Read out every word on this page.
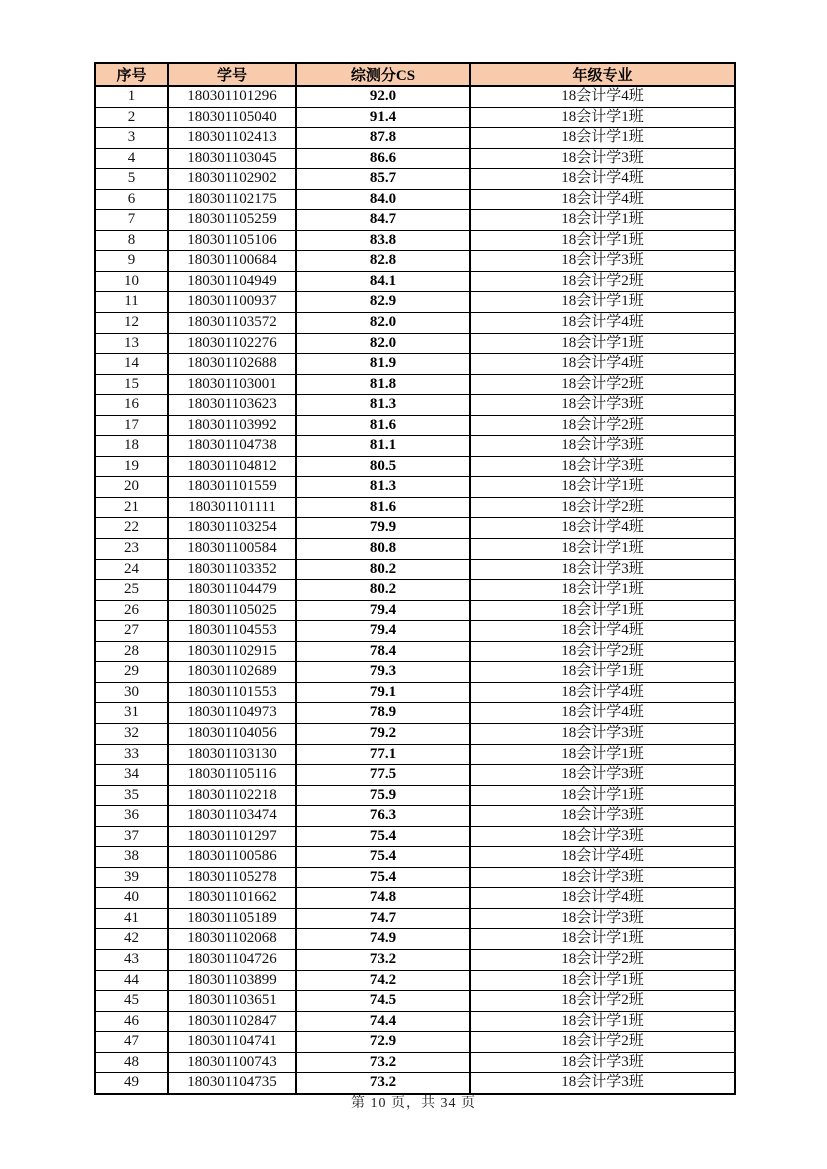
序号	学号	综测分CS	年级专业
1	180301101296	92.0	18会计学4班
2	180301105040	91.4	18会计学1班
3	180301102413	87.8	18会计学1班
4	180301103045	86.6	18会计学3班
5	180301102902	85.7	18会计学4班
6	180301102175	84.0	18会计学4班
7	180301105259	84.7	18会计学1班
8	180301105106	83.8	18会计学1班
9	180301100684	82.8	18会计学3班
10	180301104949	84.1	18会计学2班
11	180301100937	82.9	18会计学1班
12	180301103572	82.0	18会计学4班
13	180301102276	82.0	18会计学1班
14	180301102688	81.9	18会计学4班
15	180301103001	81.8	18会计学2班
16	180301103623	81.3	18会计学3班
17	180301103992	81.6	18会计学2班
18	180301104738	81.1	18会计学3班
19	180301104812	80.5	18会计学3班
20	180301101559	81.3	18会计学1班
21	180301101111	81.6	18会计学2班
22	180301103254	79.9	18会计学4班
23	180301100584	80.8	18会计学1班
24	180301103352	80.2	18会计学3班
25	180301104479	80.2	18会计学1班
26	180301105025	79.4	18会计学1班
27	180301104553	79.4	18会计学4班
28	180301102915	78.4	18会计学2班
29	180301102689	79.3	18会计学1班
30	180301101553	79.1	18会计学4班
31	180301104973	78.9	18会计学4班
32	180301104056	79.2	18会计学3班
33	180301103130	77.1	18会计学1班
34	180301105116	77.5	18会计学3班
35	180301102218	75.9	18会计学1班
36	180301103474	76.3	18会计学3班
37	180301101297	75.4	18会计学3班
38	180301100586	75.4	18会计学4班
39	180301105278	75.4	18会计学3班
40	180301101662	74.8	18会计学4班
41	180301105189	74.7	18会计学3班
42	180301102068	74.9	18会计学1班
43	180301104726	73.2	18会计学2班
44	180301103899	74.2	18会计学1班
45	180301103651	74.5	18会计学2班
46	180301102847	74.4	18会计学1班
47	180301104741	72.9	18会计学2班
48	180301100743	73.2	18会计学3班
49	180301104735	73.2	18会计学3班
第 10 页，共 34 页
